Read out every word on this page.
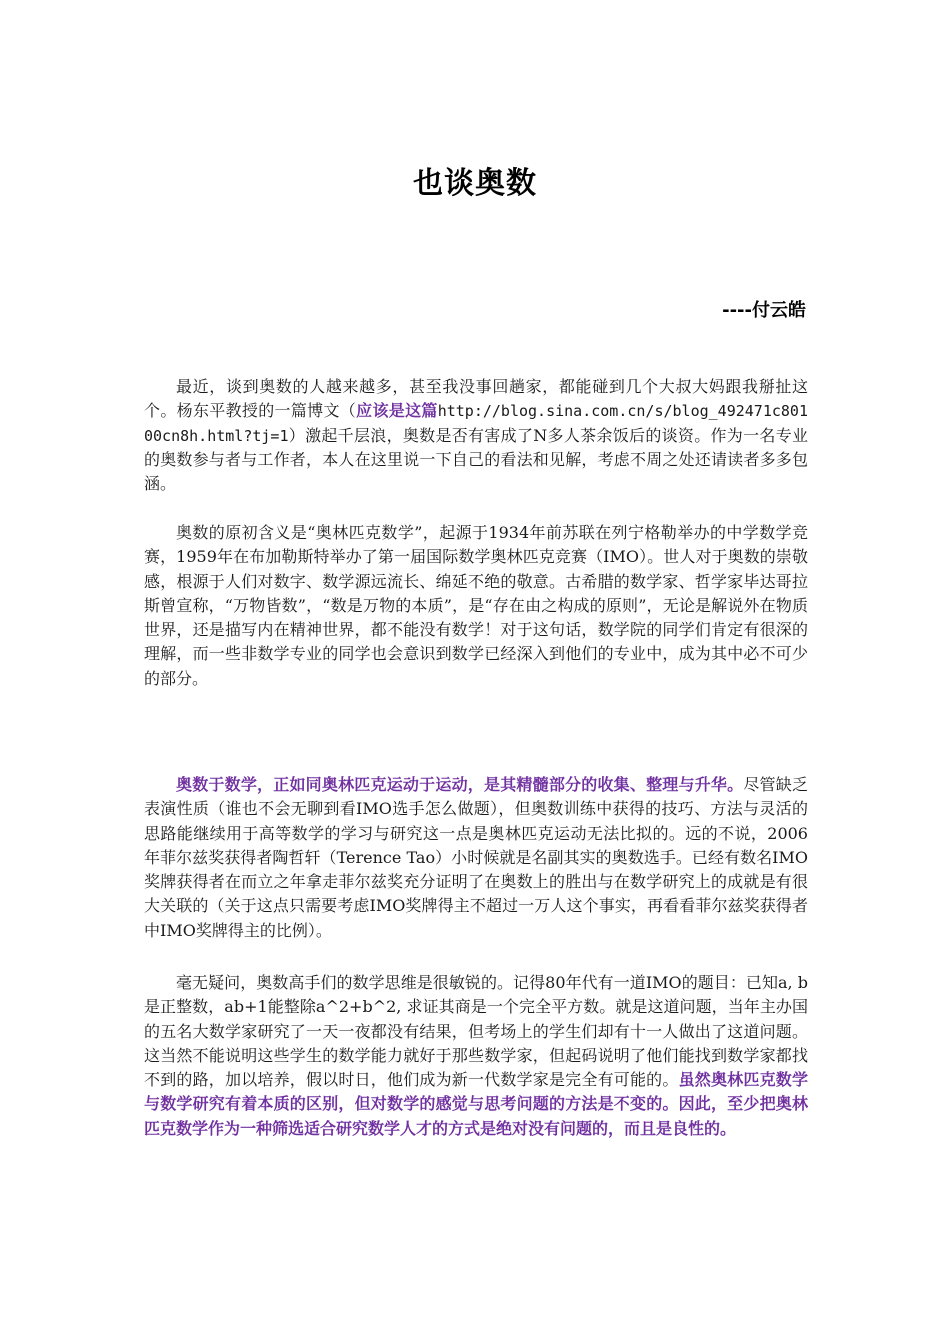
也谈奥数
----付云皓

最近，谈到奥数的人越来越多，甚至我没事回趟家，都能碰到几个大叔大妈跟我掰扯这个。杨东平教授的一篇博文（应该是这篇http://blog.sina.com.cn/s/blog_492471c80100cn8h.html?tj=1）激起千层浪，奥数是否有害成了N多人茶余饭后的谈资。作为一名专业的奥数参与者与工作者，本人在这里说一下自己的看法和见解，考虑不周之处还请读者多多包涵。

奥数的原初含义是“奥林匹克数学”，起源于1934年前苏联在列宁格勒举办的中学数学竞赛，1959年在布加勒斯特举办了第一届国际数学奥林匹克竞赛（IMO）。世人对于奥数的崇敬感，根源于人们对数字、数学源远流长、绵延不绝的敬意。古希腊的数学家、哲学家毕达哥拉斯曾宣称，“万物皆数”，“数是万物的本质”，是“存在由之构成的原则”，无论是解说外在物质世界，还是描写内在精神世界，都不能没有数学！对于这句话，数学院的同学们肯定有很深的理解，而一些非数学专业的同学也会意识到数学已经深入到他们的专业中，成为其中必不可少的部分。

奥数于数学，正如同奥林匹克运动于运动，是其精髓部分的收集、整理与升华。尽管缺乏表演性质（谁也不会无聊到看IMO选手怎么做题），但奥数训练中获得的技巧、方法与灵活的思路能继续用于高等数学的学习与研究这一点是奥林匹克运动无法比拟的。远的不说，2006年菲尔兹奖获得者陶哲轩（Terence Tao）小时候就是名副其实的奥数选手。已经有数名IMO奖牌获得者在而立之年拿走菲尔兹奖充分证明了在奥数上的胜出与在数学研究上的成就是有很大关联的（关于这点只需要考虑IMO奖牌得主不超过一万人这个事实，再看看菲尔兹奖获得者中IMO奖牌得主的比例）。

毫无疑问，奥数高手们的数学思维是很敏锐的。记得80年代有一道IMO的题目：已知a, b是正整数，ab+1能整除a^2+b^2, 求证其商是一个完全平方数。就是这道问题，当年主办国的五名大数学家研究了一天一夜都没有结果，但考场上的学生们却有十一人做出了这道问题。这当然不能说明这些学生的数学能力就好于那些数学家，但起码说明了他们能找到数学家都找不到的路，加以培养，假以时日，他们成为新一代数学家是完全有可能的。虽然奥林匹克数学与数学研究有着本质的区别，但对数学的感觉与思考问题的方法是不变的。因此，至少把奥林匹克数学作为一种筛选适合研究数学人才的方式是绝对没有问题的，而且是良性的。
